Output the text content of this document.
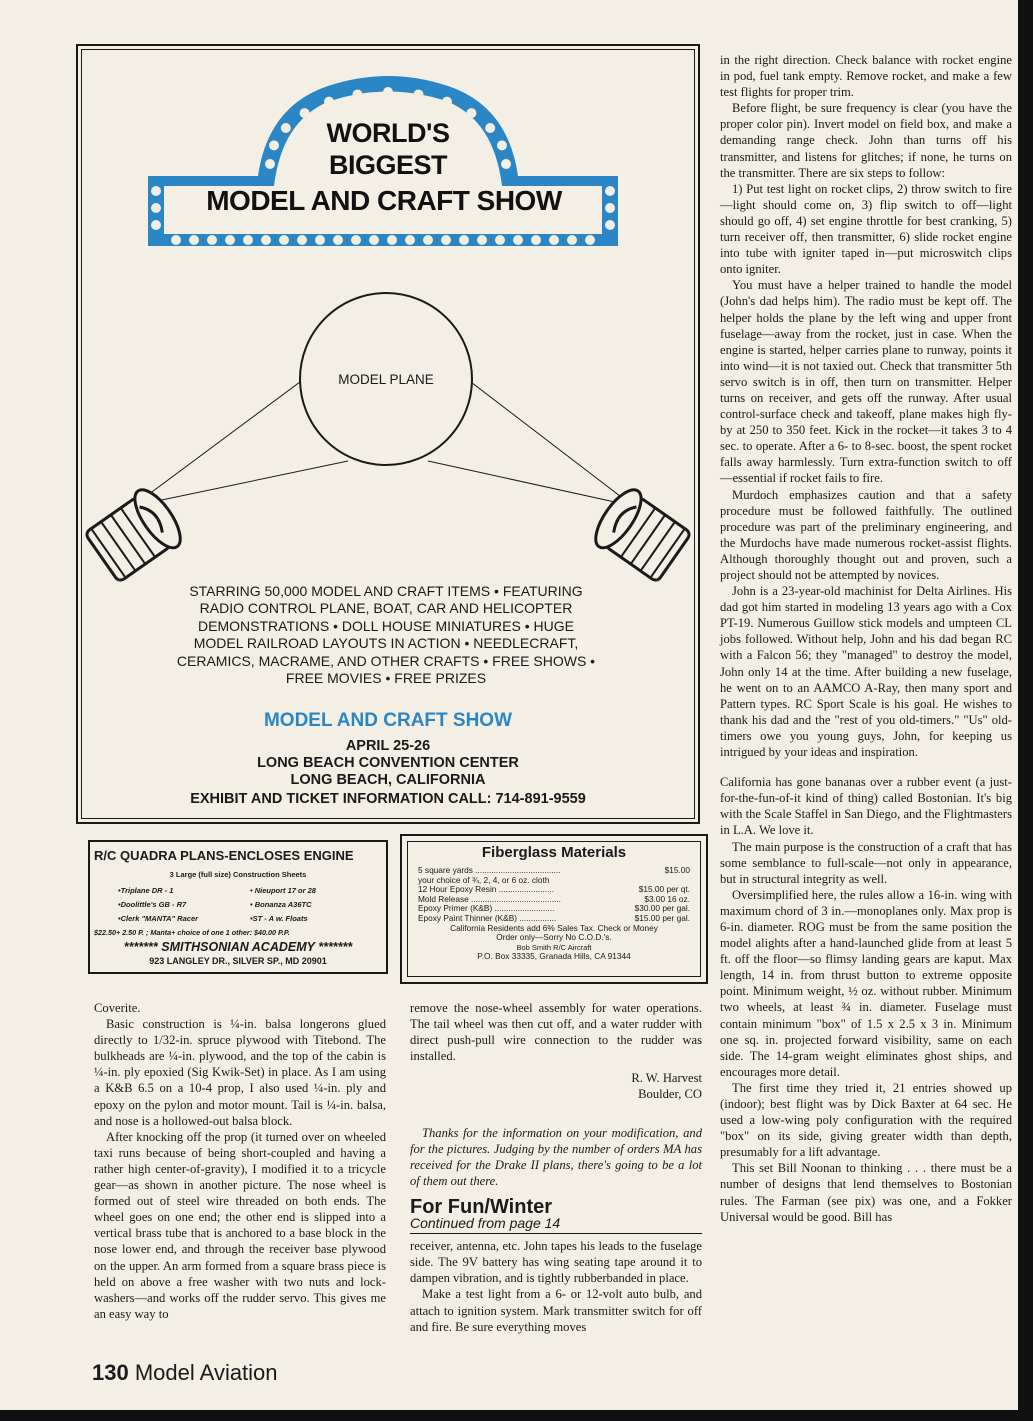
WORLD'S
BIGGEST
MODEL AND CRAFT SHOW
MODEL PLANE
STARRING 50,000 MODEL AND CRAFT ITEMS • FEATURING RADIO CONTROL PLANE, BOAT, CAR AND HELICOPTER DEMONSTRATIONS • DOLL HOUSE MINIATURES • HUGE MODEL RAILROAD LAYOUTS IN ACTION • NEEDLECRAFT, CERAMICS, MACRAME, AND OTHER CRAFTS • FREE SHOWS • FREE MOVIES • FREE PRIZES
MODEL AND CRAFT SHOW
APRIL 25-26
LONG BEACH CONVENTION CENTER
LONG BEACH, CALIFORNIA
EXHIBIT AND TICKET INFORMATION CALL: 714-891-9559
R/C QUADRA PLANS-ENCLOSES ENGINE
3 Large (full size) Construction Sheets
•Triplane DR - 1
•Doolittle's GB - R7
•Clerk "MANTA" Racer
• Nieuport 17 or 28
• Bonanza A36TC
•ST - A w. Floats
$22.50+ 2.50 P. ; Manta+ choice of one 1 other: $40.00 P.P.
******* SMITHSONIAN ACADEMY *******
923 LANGLEY DR., SILVER SP., MD 20901
Fiberglass Materials
5 square yards .....................................	$15.00
your choice of ¾, 2, 4, or 6 oz. cloth
12 Hour Epoxy Resin ........................	$15.00 per qt.
Mold Release .......................................	$3.00 16 oz.
Epoxy Primer (K&B) ..........................	$30.00 per gal.
Epoxy Paint Thinner (K&B) ................	$15.00 per gal.
California Residents add 6% Sales Tax. Check or Money
Order only—Sorry No C.O.D.'s.
Bob Smith R/C Aircraft
P.O. Box 33335, Granada Hills, CA 91344

in the right direction. Check balance with rocket engine in pod, fuel tank empty. Remove rocket, and make a few test flights for proper trim.

Before flight, be sure frequency is clear (you have the proper color pin). Invert model on field box, and make a demanding range check. John than turns off his transmitter, and listens for glitches; if none, he turns on the transmitter. There are six steps to follow:

1) Put test light on rocket clips, 2) throw switch to fire—light should come on, 3) flip switch to off—light should go off, 4) set engine throttle for best cranking, 5) turn receiver off, then transmitter, 6) slide rocket engine into tube with igniter taped in—put microswitch clips onto igniter.

You must have a helper trained to handle the model (John's dad helps him). The radio must be kept off. The helper holds the plane by the left wing and upper front fuselage—away from the rocket, just in case. When the engine is started, helper carries plane to runway, points it into wind—it is not taxied out. Check that transmitter 5th servo switch is in off, then turn on transmitter. Helper turns on receiver, and gets off the runway. After usual control-surface check and takeoff, plane makes high fly-by at 250 to 350 feet. Kick in the rocket—it takes 3 to 4 sec. to operate. After a 6- to 8-sec. boost, the spent rocket falls away harmlessly. Turn extra-function switch to off—essential if rocket fails to fire.

Murdoch emphasizes caution and that a safety procedure must be followed faithfully. The outlined procedure was part of the preliminary engineering, and the Murdochs have made numerous rocket-assist flights. Although thoroughly thought out and proven, such a project should not be attempted by novices.

John is a 23-year-old machinist for Delta Airlines. His dad got him started in modeling 13 years ago with a Cox PT-19. Numerous Guillow stick models and umpteen CL jobs followed. Without help, John and his dad began RC with a Falcon 56; they "managed" to destroy the model, John only 14 at the time. After building a new fuselage, he went on to an AAMCO A-Ray, then many sport and Pattern types. RC Sport Scale is his goal. He wishes to thank his dad and the "rest of you old-timers." "Us" old-timers owe you young guys, John, for keeping us intrigued by your ideas and inspiration.

California has gone bananas over a rubber event (a just-for-the-fun-of-it kind of thing) called Bostonian. It's big with the Scale Staffel in San Diego, and the Flightmasters in L.A. We love it.

The main purpose is the construction of a craft that has some semblance to full-scale—not only in appearance, but in structural integrity as well.

Oversimplified here, the rules allow a 16-in. wing with maximum chord of 3 in.—monoplanes only. Max prop is 6-in. diameter. ROG must be from the same position the model alights after a hand-launched glide from at least 5 ft. off the floor—so flimsy landing gears are kaput. Max length, 14 in. from thrust button to extreme opposite point. Minimum weight, ½ oz. without rubber. Minimum two wheels, at least ¾ in. diameter. Fuselage must contain minimum "box" of 1.5 x 2.5 x 3 in. Minimum one sq. in. projected forward visibility, same on each side. The 14-gram weight eliminates ghost ships, and encourages more detail.

The first time they tried it, 21 entries showed up (indoor); best flight was by Dick Baxter at 64 sec. He used a low-wing poly configuration with the required "box" on its side, giving greater width than depth, presumably for a lift advantage.

This set Bill Noonan to thinking . . . there must be a number of designs that lend themselves to Bostonian rules. The Farman (see pix) was one, and a Fokker Universal would be good. Bill has

Coverite.

Basic construction is ¼-in. balsa longerons glued directly to 1/32-in. spruce plywood with Titebond. The bulkheads are ¼-in. plywood, and the top of the cabin is ¼-in. ply epoxied (Sig Kwik-Set) in place. As I am using a K&B 6.5 on a 10-4 prop, I also used ¼-in. ply and epoxy on the pylon and motor mount. Tail is ¼-in. balsa, and nose is a hollowed-out balsa block.

After knocking off the prop (it turned over on wheeled taxi runs because of being short-coupled and having a rather high center-of-gravity), I modified it to a tricycle gear—as shown in another picture. The nose wheel is formed out of steel wire threaded on both ends. The wheel goes on one end; the other end is slipped into a vertical brass tube that is anchored to a base block in the nose lower end, and through the receiver base plywood on the upper. An arm formed from a square brass piece is held on above a free washer with two nuts and lock-washers—and works off the rudder servo. This gives me an easy way to

remove the nose-wheel assembly for water operations. The tail wheel was then cut off, and a water rudder with direct push-pull wire connection to the rudder was installed.

R. W. Harvest
Boulder, CO

Thanks for the information on your modification, and for the pictures. Judging by the number of orders MA has received for the Drake II plans, there's going to be a lot of them out there.

For Fun/Winter
Continued from page 14

receiver, antenna, etc. John tapes his leads to the fuselage side. The 9V battery has wing seating tape around it to dampen vibration, and is tightly rubberbanded in place.

Make a test light from a 6- or 12-volt auto bulb, and attach to ignition system. Mark transmitter switch for off and fire. Be sure everything moves

130 Model Aviation
